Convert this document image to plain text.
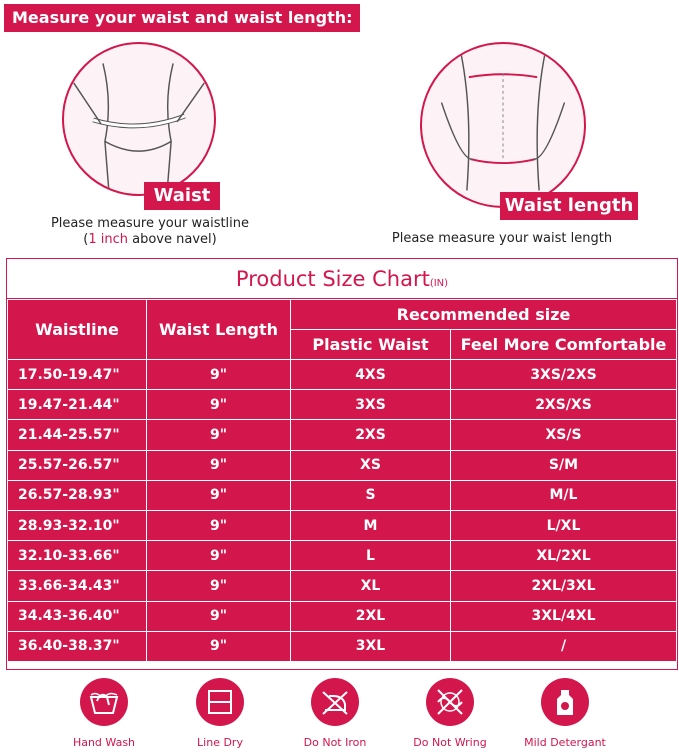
Measure your waist and waist length:
Waist
Please measure your waistline
(1 inch above navel)
Waist length
Please measure your waist length
Product Size Chart(IN)
Waistline	Waist Length	Recommended size	
		Plastic Waist	Feel More Comfortable
17.50-19.47"	9"	4XS	3XS/2XS
19.47-21.44"	9"	3XS	2XS/XS
21.44-25.57"	9"	2XS	XS/S
25.57-26.57"	9"	XS	S/M
26.57-28.93"	9"	S	M/L
28.93-32.10"	9"	M	L/XL
32.10-33.66"	9"	L	XL/2XL
33.66-34.43"	9"	XL	2XL/3XL
34.43-36.40"	9"	2XL	3XL/4XL
36.40-38.37"	9"	3XL	/
Hand Wash	Line Dry	Do Not Iron	Do Not Wring	Mild Detergant
